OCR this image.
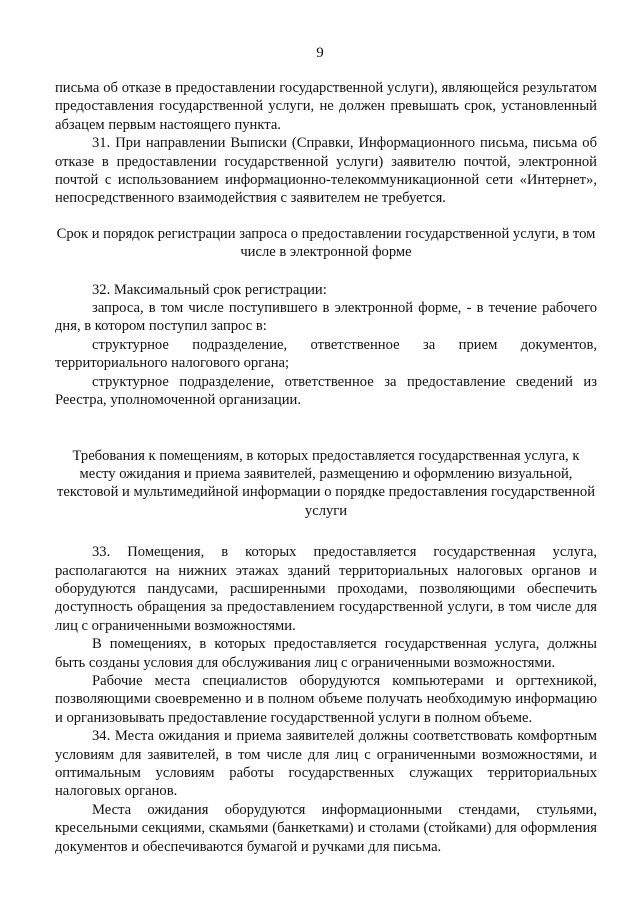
9

письма об отказе в предоставлении государственной услуги), являющейся результатом предоставления государственной услуги, не должен превышать срок, установленный абзацем первым настоящего пункта.

31. При направлении Выписки (Справки, Информационного письма, письма об отказе в предоставлении государственной услуги) заявителю почтой, электронной почтой с использованием информационно-телекоммуникационной сети «Интернет», непосредственного взаимодействия с заявителем не требуется.

Срок и порядок регистрации запроса о предоставлении государственной услуги, в том числе в электронной форме

32. Максимальный срок регистрации:

запроса, в том числе поступившего в электронной форме, - в течение рабочего дня, в котором поступил запрос в:

структурное подразделение, ответственное за прием документов, территориального налогового органа;

структурное подразделение, ответственное за предоставление сведений из Реестра, уполномоченной организации.

Требования к помещениям, в которых предоставляется государственная услуга, к месту ожидания и приема заявителей, размещению и оформлению визуальной, текстовой и мультимедийной информации о порядке предоставления государственной услуги

33. Помещения, в которых предоставляется государственная услуга, располагаются на нижних этажах зданий территориальных налоговых органов и оборудуются пандусами, расширенными проходами, позволяющими обеспечить доступность обращения за предоставлением государственной услуги, в том числе для лиц с ограниченными возможностями.

В помещениях, в которых предоставляется государственная услуга, должны быть созданы условия для обслуживания лиц с ограниченными возможностями.

Рабочие места специалистов оборудуются компьютерами и оргтехникой, позволяющими своевременно и в полном объеме получать необходимую информацию и организовывать предоставление государственной услуги в полном объеме.

34. Места ожидания и приема заявителей должны соответствовать комфортным условиям для заявителей, в том числе для лиц с ограниченными возможностями, и оптимальным условиям работы государственных служащих территориальных налоговых органов.

Места ожидания оборудуются информационными стендами, стульями, кресельными секциями, скамьями (банкетками) и столами (стойками) для оформления документов и обеспечиваются бумагой и ручками для письма.
